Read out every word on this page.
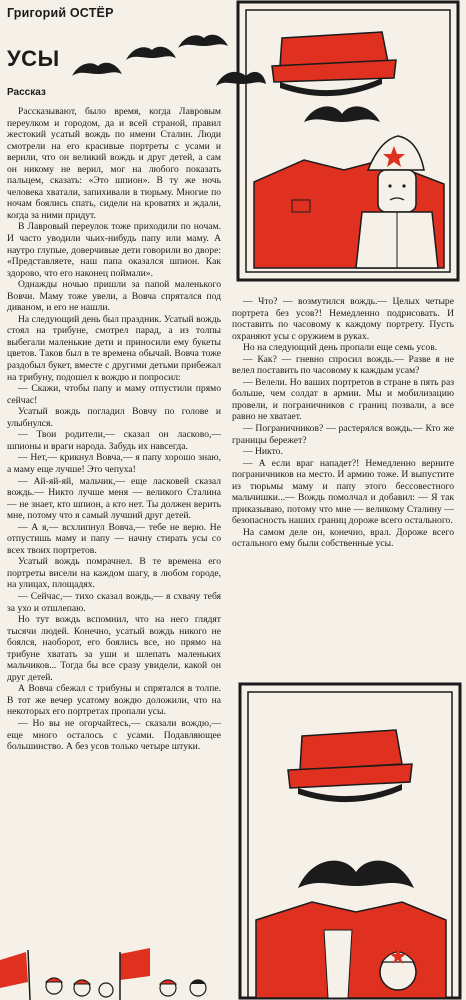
Григорий ОСТЁР
УСЫ
Рассказ

Рассказывают, было время, когда Лавровым переулком и городом, да и всей страной, правил жестокий усатый вождь по имени Сталин. Люди смотрели на его красивые портреты с усами и верили, что он великий вождь и друг детей, а сам он никому не верил, мог на любого показать пальцем, сказать: «Это шпион». В ту же ночь человека хватали, запихивали в тюрьму. Многие по ночам боялись спать, сидели на кроватях и ждали, когда за ними придут.

В Лавровый переулок тоже приходили по ночам. И часто уводили чьих-нибудь папу или маму. А наутро глупые, доверчивые дети говорили во дворе: «Представляете, наш папа оказался шпион. Как здорово, что его наконец поймали».

Однажды ночью пришли за папой маленького Вовчи. Маму тоже увели, а Вовча спрятался под диваном, и его не нашли.

На следующий день был праздник. Усатый вождь стоял на трибуне, смотрел парад, а из толпы выбегали маленькие дети и приносили ему букеты цветов. Таков был в те времена обычай. Вовча тоже раздобыл букет, вместе с другими детьми прибежал на трибуну, подошел к вождю и попросил:

— Скажи, чтобы папу и маму отпустили прямо сейчас!

Усатый вождь погладил Вовчу по голове и улыбнулся.

— Твои родители,— сказал он ласково,— шпионы и враги народа. Забудь их навсегда.

— Нет,— крикнул Вовча,— я папу хорошо знаю, а маму еще лучше! Это чепуха!

— Ай-яй-яй, мальчик,— еще ласковей сказал вождь.— Никто лучше меня — великого Сталина — не знает, кто шпион, а кто нет. Ты должен верить мне, потому что я самый лучший друг детей.

— А я,— всхлипнул Вовча,— тебе не верю. Не отпустишь маму и папу — начну стирать усы со всех твоих портретов.

Усатый вождь помрачнел. В те времена его портреты висели на каждом шагу, в любом городе, на улицах, площадях.

— Сейчас,— тихо сказал вождь,— я схвачу тебя за ухо и отшлепаю.

Но тут вождь вспомнил, что на него глядят тысячи людей. Конечно, усатый вождь никого не боялся, наоборот, его боялись все, но прямо на трибуне хватать за уши и шлепать маленьких мальчиков... Тогда бы все сразу увидели, какой он друг детей.

А Вовча сбежал с трибуны и спрятался в толпе. В тот же вечер усатому вождю доложили, что на некоторых его портретах пропали усы.

— Но вы не огорчайтесь,— сказали вождю,— еще много осталось с усами. Подавляющее большинство. А без усов только четыре штуки.

— Что? — возмутился вождь.— Целых четыре портрета без усов?! Немедленно подрисовать. И поставить по часовому к каждому портрету. Пусть охраняют усы с оружием в руках.

Но на следующий день пропали еще семь усов.

— Как? — гневно спросил вождь.— Разве я не велел поставить по часовому к каждым усам?

— Велели. Но ваших портретов в стране в пять раз больше, чем солдат в армии. Мы и мобилизацию провели, и пограничников с границ позвали, а все равно не хватает.

— Пограничников? — растерялся вождь.— Кто же границы бережет?

— Никто.

— А если враг нападет?! Немедленно верните пограничников на место. И армию тоже. И выпустите из тюрьмы маму и папу этого бессовестного мальчишки...— Вождь помолчал и добавил: — Я так приказываю, потому что мне — великому Сталину — безопасность наших границ дороже всего остального.

На самом деле он, конечно, врал. Дороже всего остального ему были собственные усы.
